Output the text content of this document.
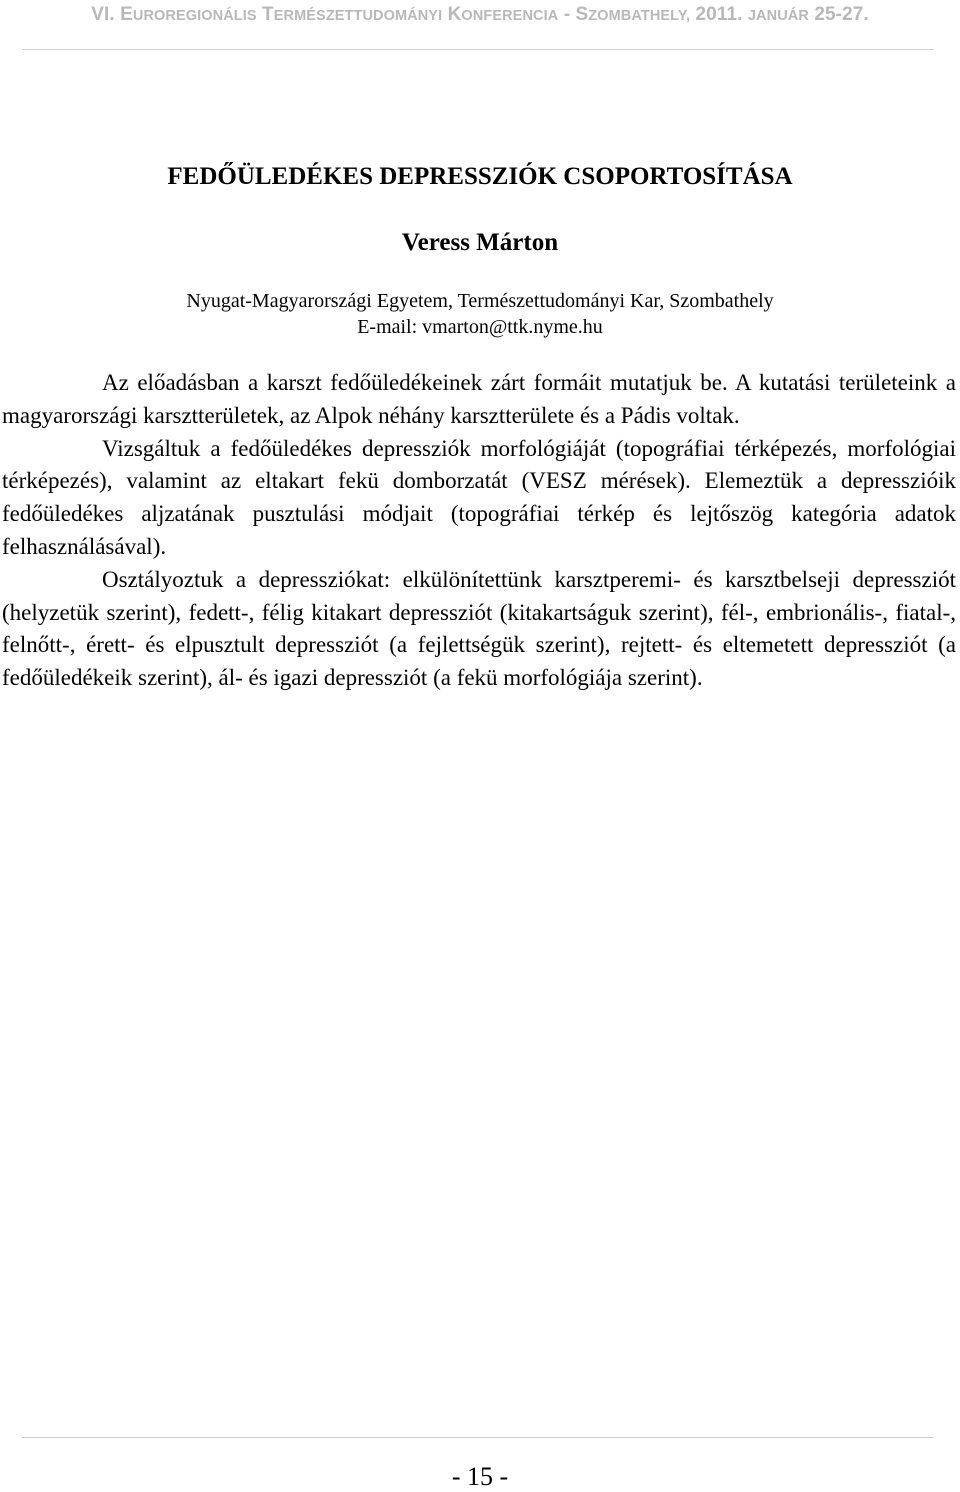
VI. EUROREGIONÁLIS TERMÉSZETTUDOMÁNYI KONFERENCIA - SZOMBATHELY, 2011. JANUÁR 25-27.
FEDŐÜLEDÉKES DEPRESSZIÓK CSOPORTOSÍTÁSA
Veress Márton
Nyugat-Magyarországi Egyetem, Természettudományi Kar, Szombathely
E-mail: vmarton@ttk.nyme.hu

Az előadásban a karszt fedőüledékeinek zárt formáit mutatjuk be. A kutatási területeink a magyarországi karsztterületek, az Alpok néhány karsztterülete és a Pádis voltak.

Vizsgáltuk a fedőüledékes depressziók morfológiáját (topográfiai térképezés, morfológiai térképezés), valamint az eltakart fekü domborzatát (VESZ mérések). Elemeztük a depresszióik fedőüledékes aljzatának pusztulási módjait (topográfiai térkép és lejtőszög kategória adatok felhasználásával).

Osztályoztuk a depressziókat: elkülönítettünk karsztperemi- és karsztbelseji depressziót (helyzetük szerint), fedett-, félig kitakart depressziót (kitakartságuk szerint), fél-, embrionális-, fiatal-, felnőtt-, érett- és elpusztult depressziót (a fejlettségük szerint), rejtett- és eltemetett depressziót (a fedőüledékeik szerint), ál- és igazi depressziót (a fekü morfológiája szerint).

- 15 -
